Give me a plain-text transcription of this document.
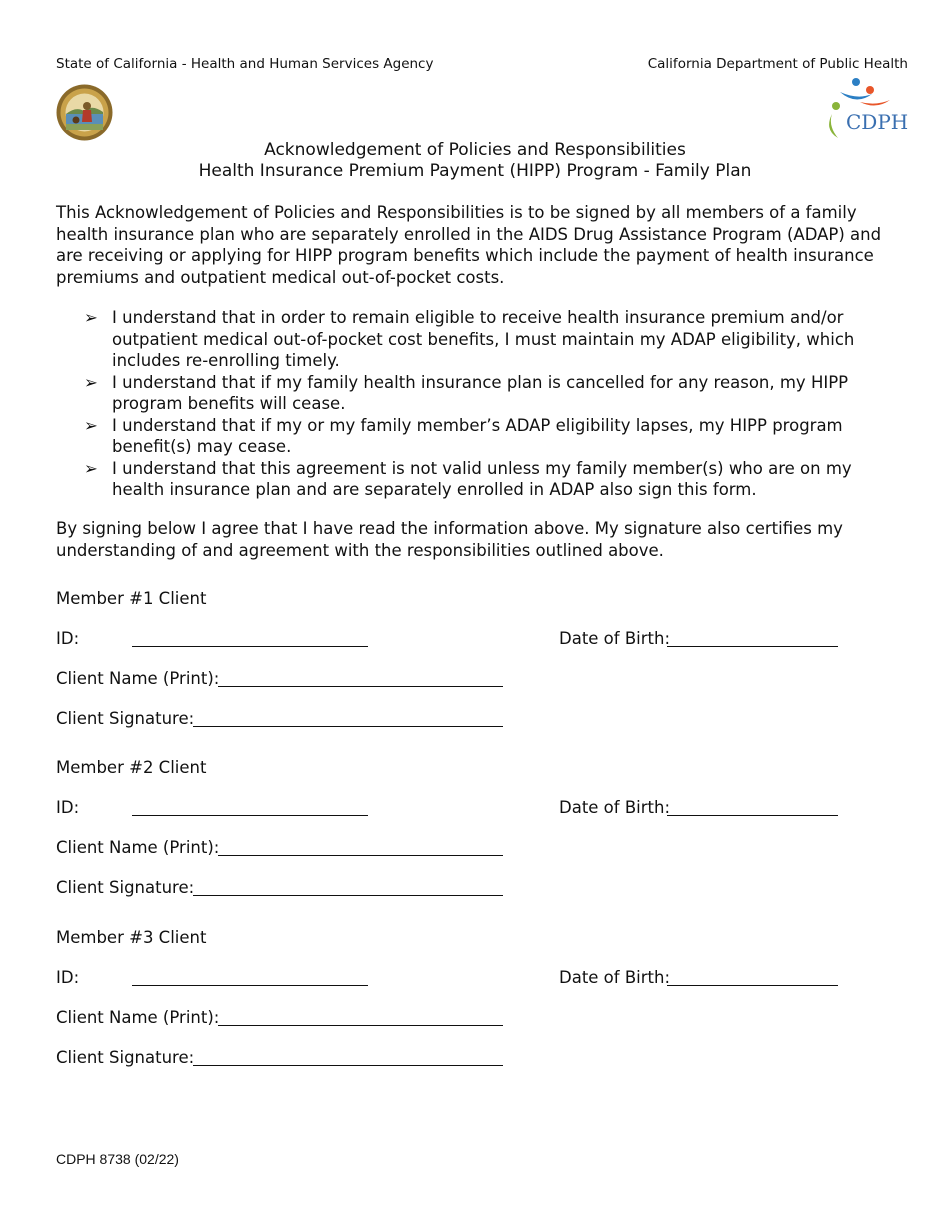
State of California - Health and Human Services Agency	California Department of Public Health
CDPH
Acknowledgement of Policies and Responsibilities
Health Insurance Premium Payment (HIPP) Program - Family Plan
This Acknowledgement of Policies and Responsibilities is to be signed by all members of a family health insurance plan who are separately enrolled in the AIDS Drug Assistance Program (ADAP) and are receiving or applying for HIPP program benefits which include the payment of health insurance premiums and outpatient medical out-of-pocket costs.
➢ I understand that in order to remain eligible to receive health insurance premium and/or outpatient medical out-of-pocket cost benefits, I must maintain my ADAP eligibility, which includes re-enrolling timely.
➢ I understand that if my family health insurance plan is cancelled for any reason, my HIPP program benefits will cease.
➢ I understand that if my or my family member’s ADAP eligibility lapses, my HIPP program benefit(s) may cease.
➢ I understand that this agreement is not valid unless my family member(s) who are on my health insurance plan and are separately enrolled in ADAP also sign this form.
By signing below I agree that I have read the information above. My signature also certifies my understanding of and agreement with the responsibilities outlined above.
Member #1 Client
ID:	Date of Birth:
Client Name (Print):
Client Signature:
Member #2 Client
ID:	Date of Birth:
Client Name (Print):
Client Signature:
Member #3 Client
ID:	Date of Birth:
Client Name (Print):
Client Signature:
CDPH 8738 (02/22)
